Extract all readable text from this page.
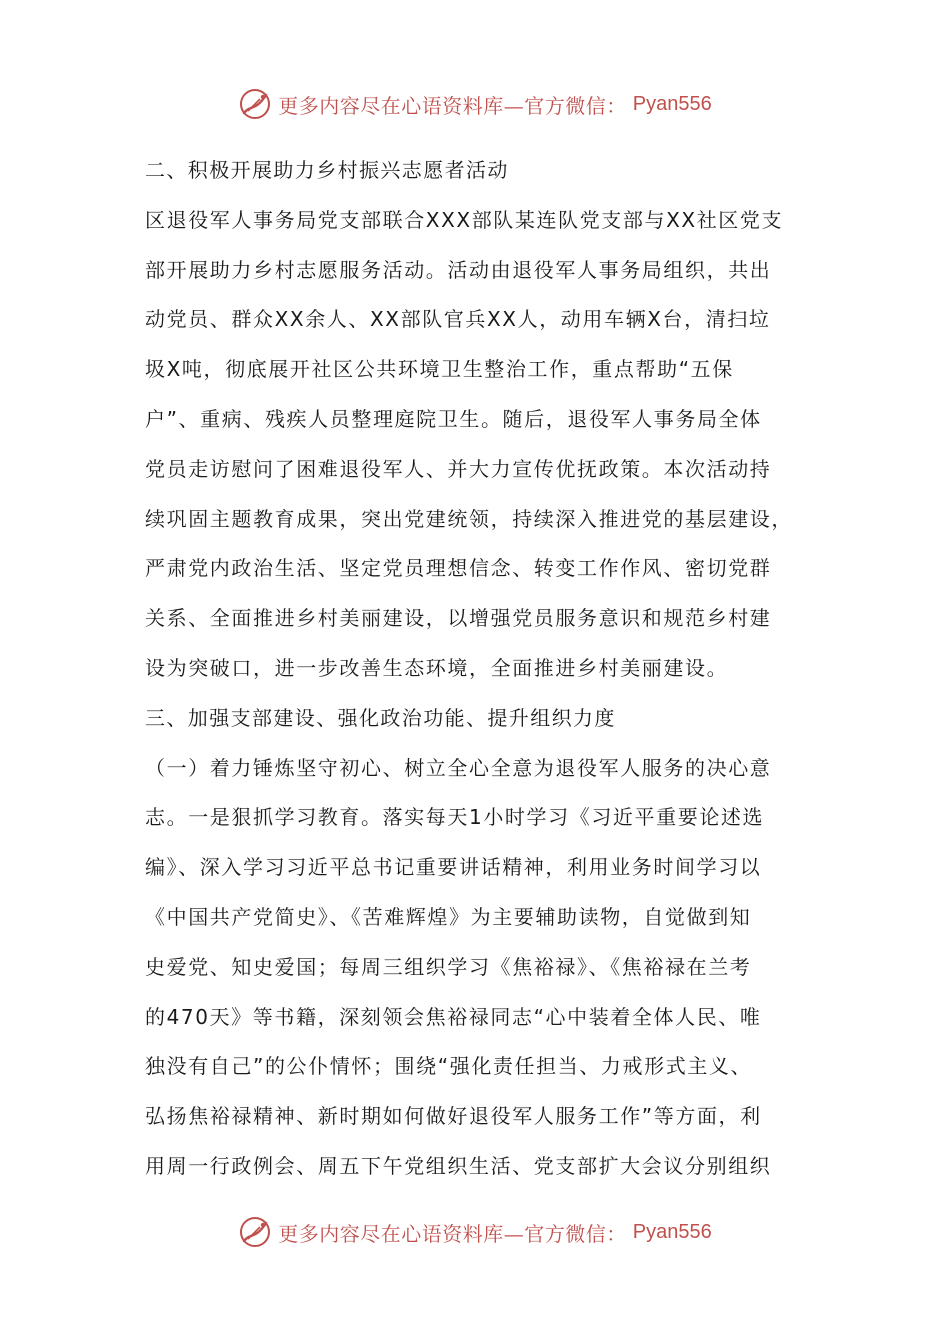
更多内容尽在心语资料库—官方微信： Pyan556
二、积极开展助力乡村振兴志愿者活动
区退役军人事务局党支部联合XXX部队某连队党支部与XX社区党支
部开展助力乡村志愿服务活动。活动由退役军人事务局组织，共出
动党员、群众XX余人、XX部队官兵XX人，动用车辆X台，清扫垃
圾X吨，彻底展开社区公共环境卫生整治工作，重点帮助“五保
户”、重病、残疾人员整理庭院卫生。随后，退役军人事务局全体
党员走访慰问了困难退役军人、并大力宣传优抚政策。本次活动持
续巩固主题教育成果，突出党建统领，持续深入推进党的基层建设，
严肃党内政治生活、坚定党员理想信念、转变工作作风、密切党群
关系、全面推进乡村美丽建设，以增强党员服务意识和规范乡村建
设为突破口，进一步改善生态环境，全面推进乡村美丽建设。
三、加强支部建设、强化政治功能、提升组织力度
（一）着力锤炼坚守初心、树立全心全意为退役军人服务的决心意
志。一是狠抓学习教育。落实每天1小时学习《习近平重要论述选
编》、深入学习习近平总书记重要讲话精神，利用业务时间学习以
《中国共产党简史》、《苦难辉煌》为主要辅助读物，自觉做到知
史爱党、知史爱国；每周三组织学习《焦裕禄》、《焦裕禄在兰考
的470天》等书籍，深刻领会焦裕禄同志“心中装着全体人民、唯
独没有自己”的公仆情怀；围绕“强化责任担当、力戒形式主义、
弘扬焦裕禄精神、新时期如何做好退役军人服务工作”等方面，利
用周一行政例会、周五下午党组织生活、党支部扩大会议分别组织
更多内容尽在心语资料库—官方微信： Pyan556
